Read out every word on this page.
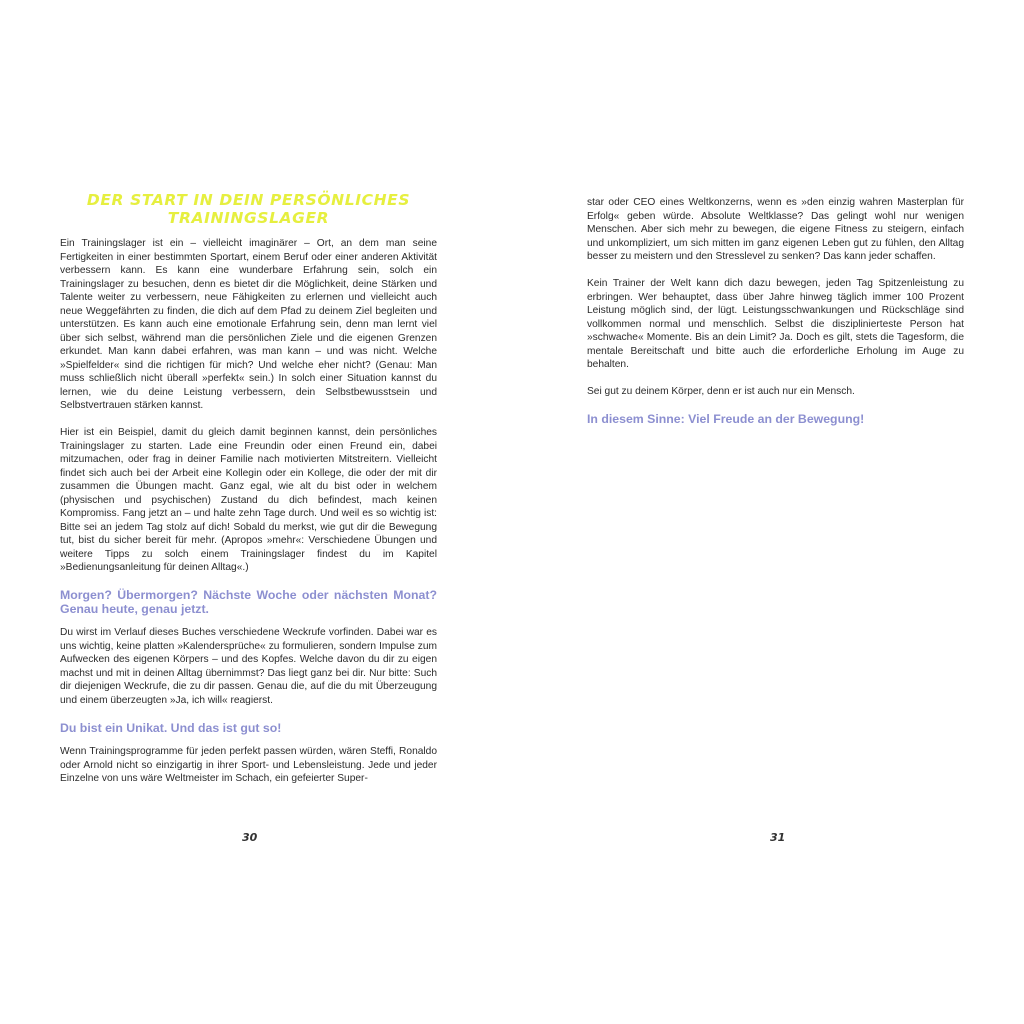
DER START IN DEIN PERSÖNLICHES
TRAININGSLAGER

Ein Trainingslager ist ein – vielleicht imaginärer – Ort, an dem man seine Fertigkeiten in einer bestimmten Sportart, einem Beruf oder einer anderen Aktivität verbessern kann. Es kann eine wunderbare Erfahrung sein, solch ein Trainingslager zu besuchen, denn es bietet dir die Möglichkeit, deine Stärken und Talente weiter zu verbessern, neue Fähigkeiten zu erlernen und vielleicht auch neue Weggefährten zu finden, die dich auf dem Pfad zu deinem Ziel begleiten und unterstützen. Es kann auch eine emotionale Erfahrung sein, denn man lernt viel über sich selbst, während man die persönlichen Ziele und die eigenen Grenzen erkundet. Man kann dabei erfahren, was man kann – und was nicht. Welche »Spielfelder« sind die richtigen für mich? Und welche eher nicht? (Genau: Man muss schließlich nicht überall »perfekt« sein.) In solch einer Situation kannst du lernen, wie du deine Leistung verbessern, dein Selbstbewusstsein und Selbstvertrauen stärken kannst.

Hier ist ein Beispiel, damit du gleich damit beginnen kannst, dein persönliches Trainingslager zu starten. Lade eine Freundin oder einen Freund ein, dabei mitzumachen, oder frag in deiner Familie nach motivierten Mitstreitern. Vielleicht findet sich auch bei der Arbeit eine Kollegin oder ein Kollege, die oder der mit dir zusammen die Übungen macht. Ganz egal, wie alt du bist oder in welchem (physischen und psychischen) Zustand du dich befindest, mach keinen Kompromiss. Fang jetzt an – und halte zehn Tage durch. Und weil es so wichtig ist: Bitte sei an jedem Tag stolz auf dich! Sobald du merkst, wie gut dir die Bewegung tut, bist du sicher bereit für mehr. (Apropos »mehr«: Verschiedene Übungen und weitere Tipps zu solch einem Trainingslager findest du im Kapitel »Bedienungsanleitung für deinen Alltag«.)

Morgen? Übermorgen? Nächste Woche oder nächsten Monat? Genau heute, genau jetzt.

Du wirst im Verlauf dieses Buches verschiedene Weckrufe vorfinden. Dabei war es uns wichtig, keine platten »Kalendersprüche« zu formulieren, sondern Impulse zum Aufwecken des eigenen Körpers – und des Kopfes. Welche davon du dir zu eigen machst und mit in deinen Alltag übernimmst? Das liegt ganz bei dir. Nur bitte: Such dir diejenigen Weckrufe, die zu dir passen. Genau die, auf die du mit Überzeugung und einem überzeugten »Ja, ich will« reagierst.

Du bist ein Unikat. Und das ist gut so!

Wenn Trainingsprogramme für jeden perfekt passen würden, wären Steffi, Ronaldo oder Arnold nicht so einzigartig in ihrer Sport- und Lebensleistung. Jede und jeder Einzelne von uns wäre Weltmeister im Schach, ein gefeierter Super-

30

star oder CEO eines Weltkonzerns, wenn es »den einzig wahren Masterplan für Erfolg« geben würde. Absolute Weltklasse? Das gelingt wohl nur wenigen Menschen. Aber sich mehr zu bewegen, die eigene Fitness zu steigern, einfach und unkompliziert, um sich mitten im ganz eigenen Leben gut zu fühlen, den Alltag besser zu meistern und den Stresslevel zu senken? Das kann jeder schaffen.

Kein Trainer der Welt kann dich dazu bewegen, jeden Tag Spitzenleistung zu erbringen. Wer behauptet, dass über Jahre hinweg täglich immer 100 Prozent Leistung möglich sind, der lügt. Leistungsschwankungen und Rückschläge sind vollkommen normal und menschlich. Selbst die disziplinierteste Person hat »schwache« Momente. Bis an dein Limit? Ja. Doch es gilt, stets die Tagesform, die mentale Bereitschaft und bitte auch die erforderliche Erholung im Auge zu behalten.

Sei gut zu deinem Körper, denn er ist auch nur ein Mensch.

In diesem Sinne: Viel Freude an der Bewegung!
31
